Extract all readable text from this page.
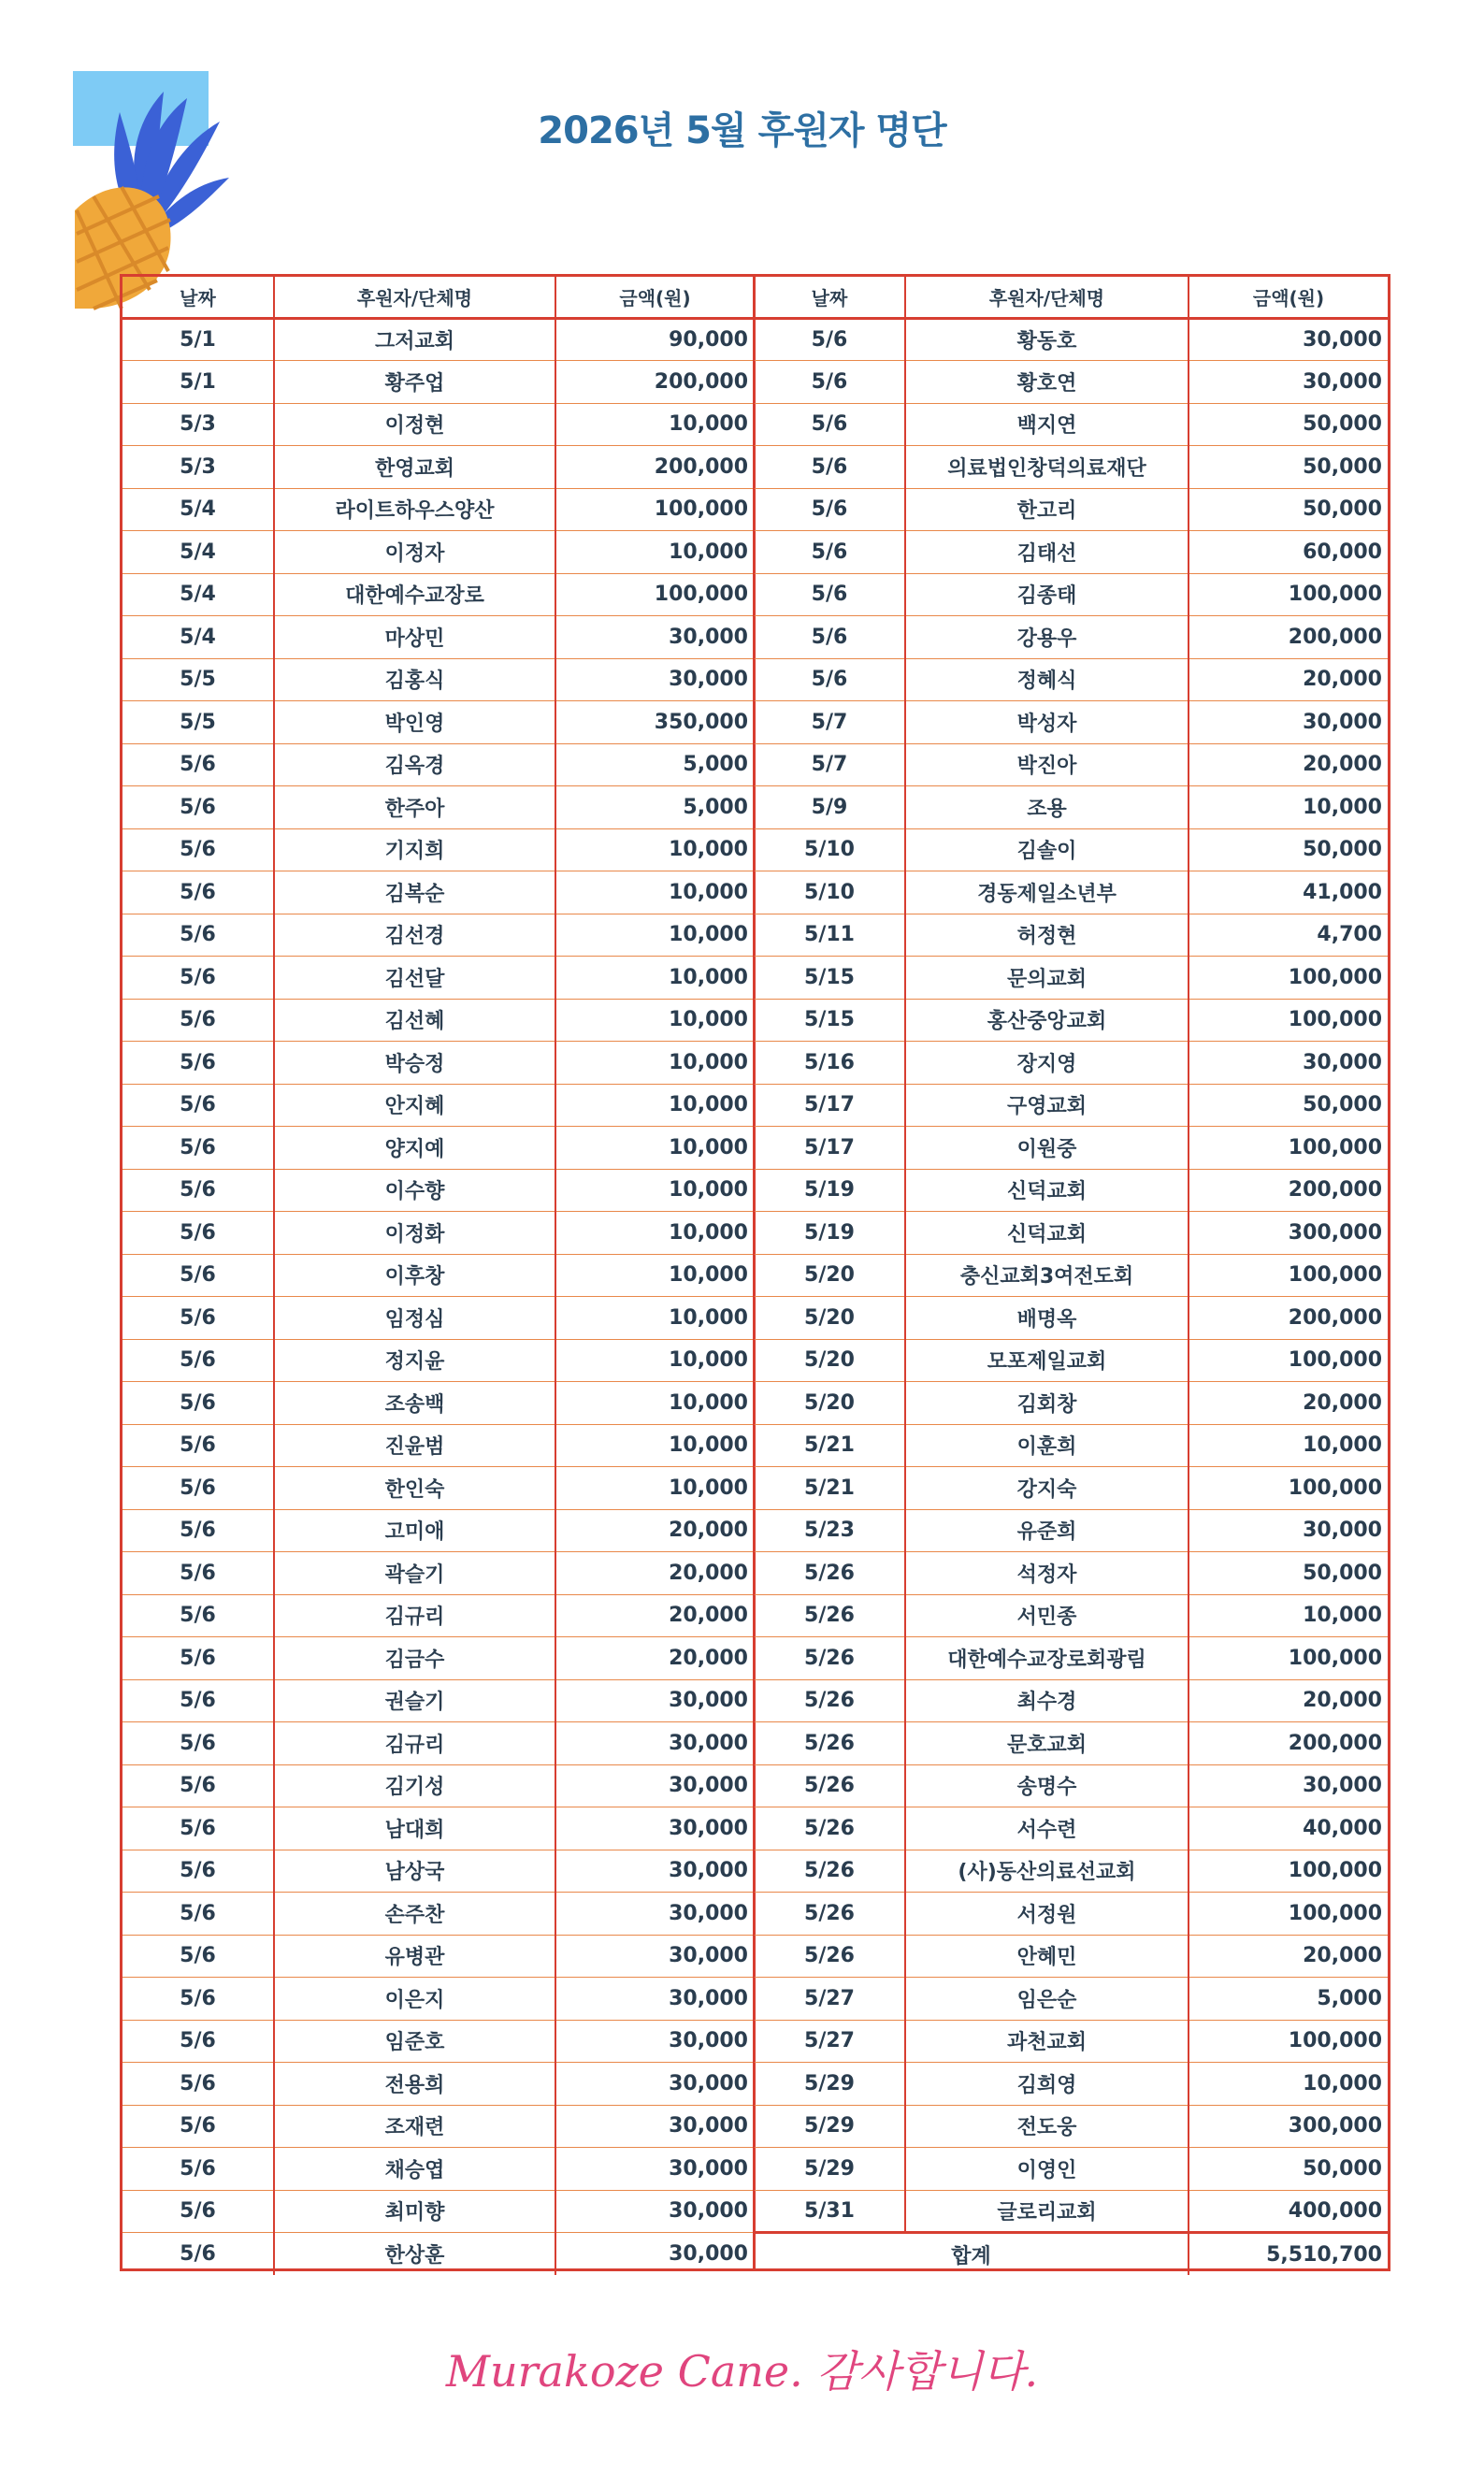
2026년 5월 후원자 명단
날짜	후원자/단체명	금액(원)
5/1	그저교회	90,000
5/1	황주업	200,000
5/3	이정현	10,000
5/3	한영교회	200,000
5/4	라이트하우스양산	100,000
5/4	이정자	10,000
5/4	대한예수교장로	100,000
5/4	마상민	30,000
5/5	김홍식	30,000
5/5	박인영	350,000
5/6	김옥경	5,000
5/6	한주아	5,000
5/6	기지희	10,000
5/6	김복순	10,000
5/6	김선경	10,000
5/6	김선달	10,000
5/6	김선혜	10,000
5/6	박승정	10,000
5/6	안지혜	10,000
5/6	양지예	10,000
5/6	이수향	10,000
5/6	이정화	10,000
5/6	이후창	10,000
5/6	임정심	10,000
5/6	정지윤	10,000
5/6	조송백	10,000
5/6	진윤범	10,000
5/6	한인숙	10,000
5/6	고미애	20,000
5/6	곽슬기	20,000
5/6	김규리	20,000
5/6	김금수	20,000
5/6	권슬기	30,000
5/6	김규리	30,000
5/6	김기성	30,000
5/6	남대희	30,000
5/6	남상국	30,000
5/6	손주찬	30,000
5/6	유병관	30,000
5/6	이은지	30,000
5/6	임준호	30,000
5/6	전용희	30,000
5/6	조재련	30,000
5/6	채승엽	30,000
5/6	최미향	30,000
5/6	한상훈	30,000
날짜	후원자/단체명	금액(원)
5/6	황동호	30,000
5/6	황호연	30,000
5/6	백지연	50,000
5/6	의료법인창덕의료재단	50,000
5/6	한고리	50,000
5/6	김태선	60,000
5/6	김종태	100,000
5/6	강용우	200,000
5/6	정혜식	20,000
5/7	박성자	30,000
5/7	박진아	20,000
5/9	조용	10,000
5/10	김솔이	50,000
5/10	경동제일소년부	41,000
5/11	허정현	4,700
5/15	문의교회	100,000
5/15	홍산중앙교회	100,000
5/16	장지영	30,000
5/17	구영교회	50,000
5/17	이원중	100,000
5/19	신덕교회	200,000
5/19	신덕교회	300,000
5/20	충신교회3여전도회	100,000
5/20	배명옥	200,000
5/20	모포제일교회	100,000
5/20	김회창	20,000
5/21	이훈희	10,000
5/21	강지숙	100,000
5/23	유준희	30,000
5/26	석정자	50,000
5/26	서민종	10,000
5/26	대한예수교장로회광림	100,000
5/26	최수경	20,000
5/26	문호교회	200,000
5/26	송명수	30,000
5/26	서수련	40,000
5/26	(사)동산의료선교회	100,000
5/26	서정원	100,000
5/26	안혜민	20,000
5/27	임은순	5,000
5/27	과천교회	100,000
5/29	김희영	10,000
5/29	전도웅	300,000
5/29	이영인	50,000
5/31	글로리교회	400,000
합계		5,510,700
Murakoze Cane. 감사합니다.
